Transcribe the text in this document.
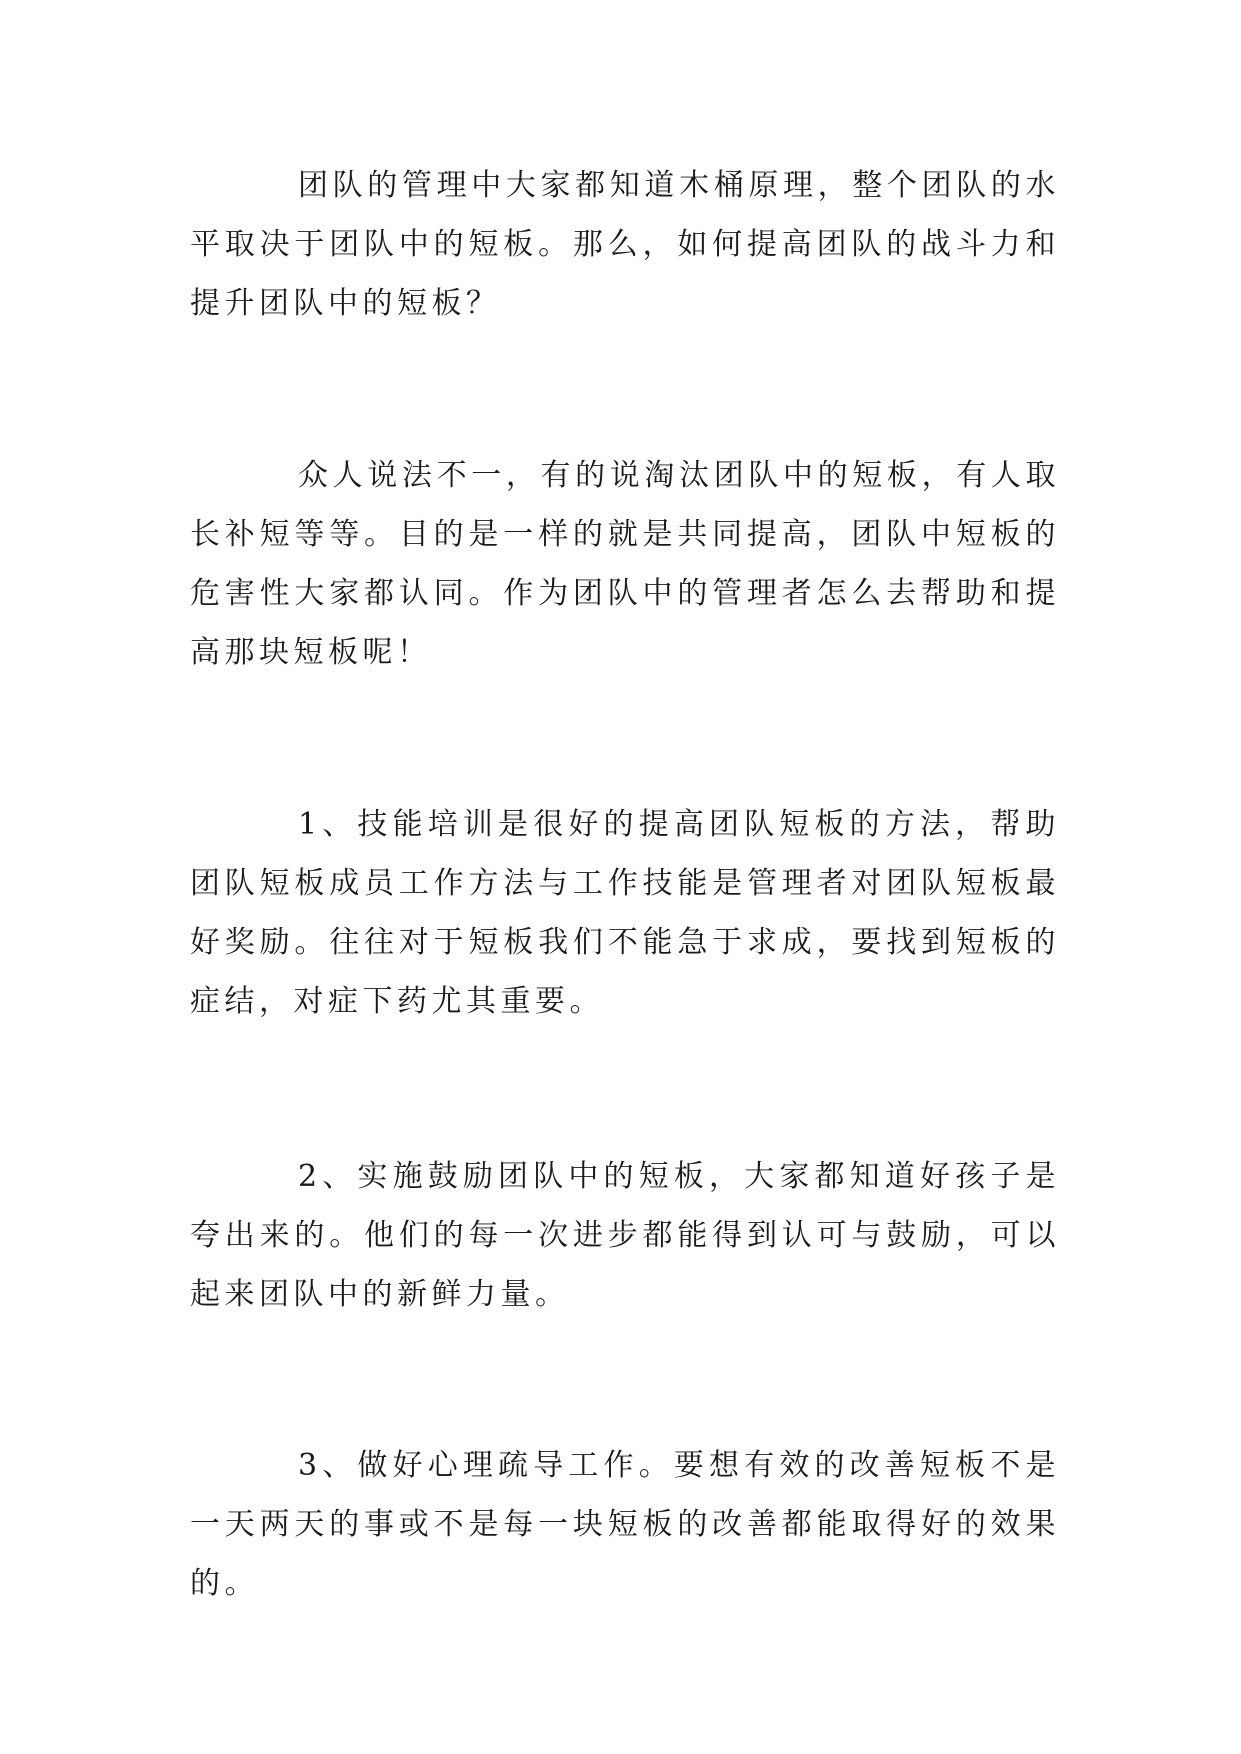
团队的管理中大家都知道木桶原理，整个团队的水平取决于团队中的短板。那么，如何提高团队的战斗力和提升团队中的短板？

众人说法不一，有的说淘汰团队中的短板，有人取长补短等等。目的是一样的就是共同提高，团队中短板的危害性大家都认同。作为团队中的管理者怎么去帮助和提高那块短板呢！

1、技能培训是很好的提高团队短板的方法，帮助团队短板成员工作方法与工作技能是管理者对团队短板最好奖励。往往对于短板我们不能急于求成，要找到短板的症结，对症下药尤其重要。

2、实施鼓励团队中的短板，大家都知道好孩子是夸出来的。他们的每一次进步都能得到认可与鼓励，可以起来团队中的新鲜力量。

3、做好心理疏导工作。要想有效的改善短板不是一天两天的事或不是每一块短板的改善都能取得好的效果的。
